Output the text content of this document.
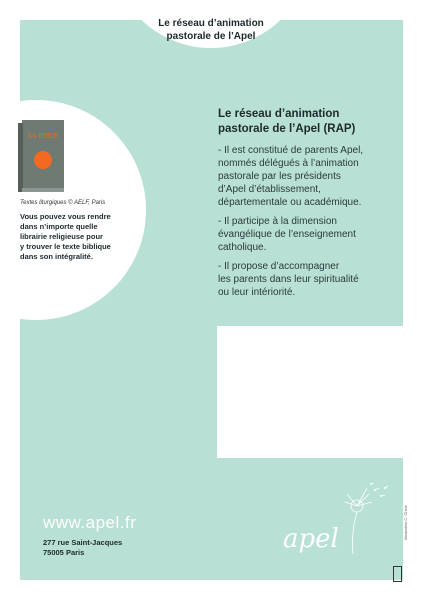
Le réseau d’animation
pastorale de l’Apel
LA BIBLE
Textes liturgiques © AELF, Paris
Vous pouvez vous rendre
dans n’importe quelle
librairie religieuse pour
y trouver le texte biblique
dans son intégralité.
Le réseau d’animation
pastorale de l’Apel (RAP)

- Il est constitué de parents Apel,
nommés délégués à l’animation
pastorale par les présidents
d’Apel d’établissement,
départementale ou académique.

- Il participe à la dimension
évangélique de l’enseignement
catholique.

- Il propose d’accompagner
les parents dans leur spiritualité
ou leur intériorité.

www.apel.fr
277 rue Saint-Jacques
75005 Paris	apel	Illustration C. Chloé
